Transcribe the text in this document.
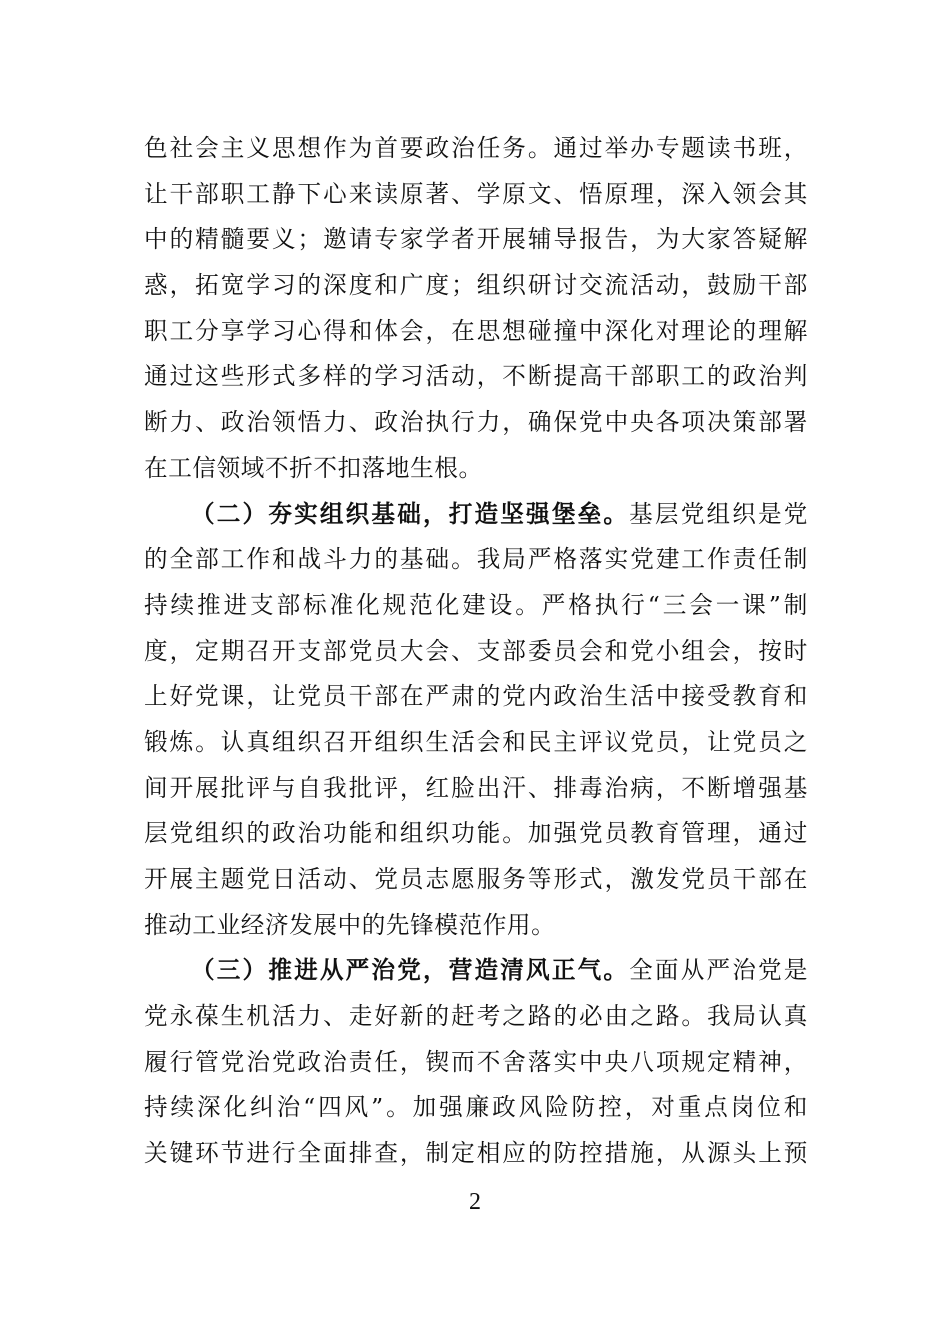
色社会主义思想作为首要政治任务。通过举办专题读书班，
让干部职工静下心来读原著、学原文、悟原理，深入领会其
中的精髓要义；邀请专家学者开展辅导报告，为大家答疑解
惑，拓宽学习的深度和广度；组织研讨交流活动，鼓励干部
职工分享学习心得和体会，在思想碰撞中深化对理论的理解
通过这些形式多样的学习活动，不断提高干部职工的政治判
断力、政治领悟力、政治执行力，确保党中央各项决策部署
在工信领域不折不扣落地生根。
（二）夯实组织基础，打造坚强堡垒。基层党组织是党
的全部工作和战斗力的基础。我局严格落实党建工作责任制
持续推进支部标准化规范化建设。严格执行“三会一课”制
度，定期召开支部党员大会、支部委员会和党小组会，按时
上好党课，让党员干部在严肃的党内政治生活中接受教育和
锻炼。认真组织召开组织生活会和民主评议党员，让党员之
间开展批评与自我批评，红脸出汗、排毒治病，不断增强基
层党组织的政治功能和组织功能。加强党员教育管理，通过
开展主题党日活动、党员志愿服务等形式，激发党员干部在
推动工业经济发展中的先锋模范作用。
（三）推进从严治党，营造清风正气。全面从严治党是
党永葆生机活力、走好新的赶考之路的必由之路。我局认真
履行管党治党政治责任，锲而不舍落实中央八项规定精神，
持续深化纠治“四风”。加强廉政风险防控，对重点岗位和
关键环节进行全面排查，制定相应的防控措施，从源头上预
2
